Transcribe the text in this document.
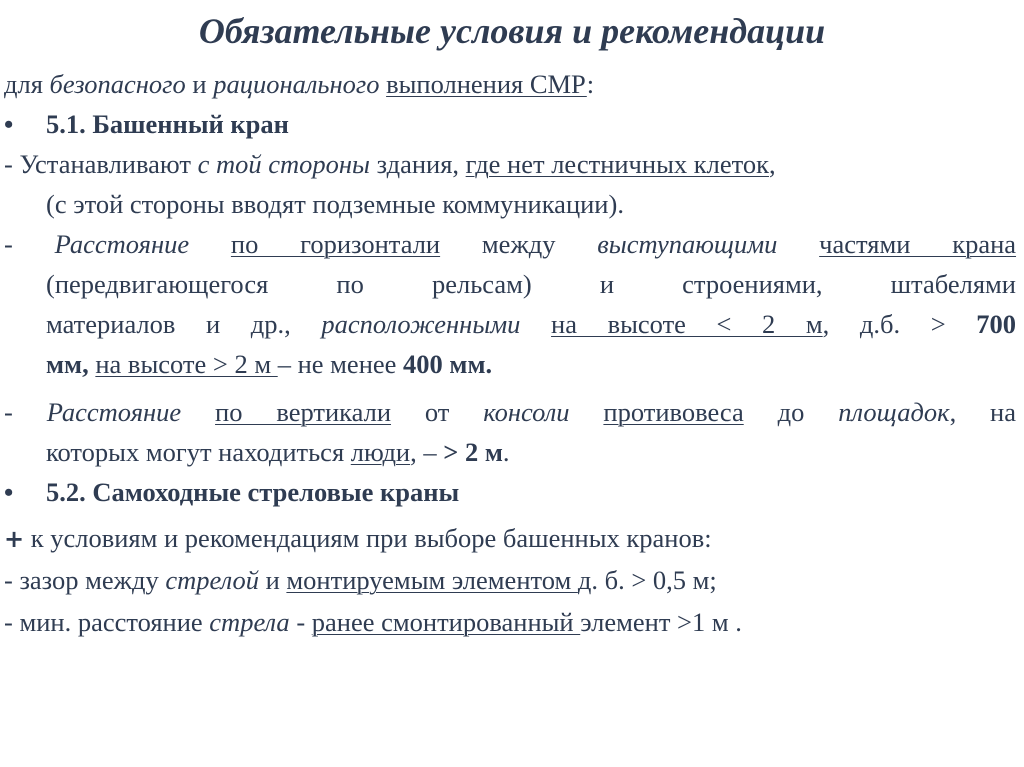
Обязательные условия и рекомендации
для безопасного и рационального выполнения СМР:
• 5.1. Башенный кран
- Устанавливают с той стороны здания, где нет лестничных клеток,
(с этой стороны вводят подземные коммуникации).
- Расстояние по горизонтали между выступающими частями крана
(передвигающегося по рельсам) и строениями, штабелями
материалов и др., расположенными на высоте ˂ 2 м, д.б. ˃ 700
мм, на высоте ˃ 2 м – не менее 400 мм.
- Расстояние по вертикали от консоли противовеса до площадок, на
которых могут находиться люди, – ˃ 2 м.
• 5.2. Самоходные стреловые краны
+ к условиям и рекомендациям при выборе башенных кранов:
- зазор между стрелой и монтируемым элементом д. б. ˃ 0,5 м;
- мин. расстояние стрела - ранее смонтированный элемент ˃1 м .
